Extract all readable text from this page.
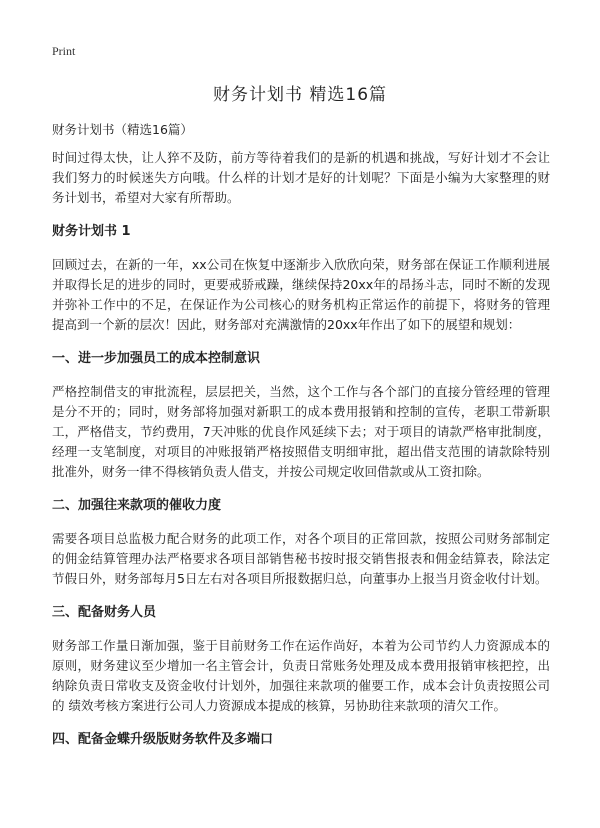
Print
财务计划书 精选16篇
财务计划书（精选16篇）

时间过得太快，让人猝不及防，前方等待着我们的是新的机遇和挑战，写好计划才不会让我们努力的时候迷失方向哦。什么样的计划才是好的计划呢？下面是小编为大家整理的财务计划书，希望对大家有所帮助。

财务计划书 1

回顾过去，在新的一年，xx公司在恢复中逐渐步入欣欣向荣，财务部在保证工作顺利进展并取得长足的进步的同时，更要戒骄戒躁，继续保持20xx年的昂扬斗志，同时不断的发现并弥补工作中的不足，在保证作为公司核心的财务机构正常运作的前提下，将财务的管理提高到一个新的层次！因此，财务部对充满激情的20xx年作出了如下的展望和规划：

一、进一步加强员工的成本控制意识

严格控制借支的审批流程，层层把关，当然，这个工作与各个部门的直接分管经理的管理是分不开的；同时，财务部将加强对新职工的成本费用报销和控制的宣传，老职工带新职工，严格借支，节约费用，7天冲账的优良作风延续下去；对于项目的请款严格审批制度，经理一支笔制度，对项目的冲账报销严格按照借支明细审批，超出借支范围的请款除特别批准外，财务一律不得核销负责人借支，并按公司规定收回借款或从工资扣除。

二、加强往来款项的催收力度

需要各项目总监极力配合财务的此项工作，对各个项目的正常回款，按照公司财务部制定的佣金结算管理办法严格要求各项目部销售秘书按时报交销售报表和佣金结算表，除法定节假日外，财务部每月5日左右对各项目所报数据归总，向董事办上报当月资金收付计划。

三、配备财务人员

财务部工作量日渐加强，鉴于目前财务工作在运作尚好，本着为公司节约人力资源成本的原则，财务建议至少增加一名主管会计，负责日常账务处理及成本费用报销审核把控，出纳除负责日常收支及资金收付计划外，加强往来款项的催要工作，成本会计负责按照公司的 绩效考核方案进行公司人力资源成本提成的核算，另协助往来款项的清欠工作。

四、配备金蝶升级版财务软件及多端口
